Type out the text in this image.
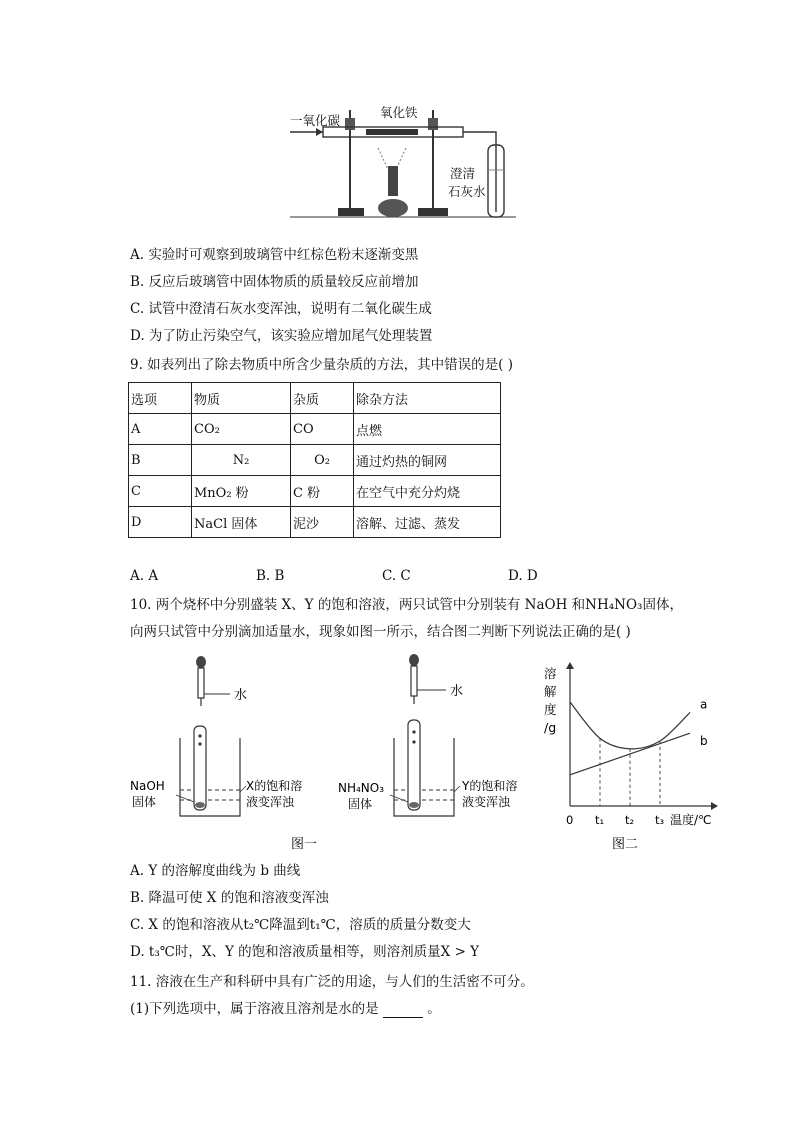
一氧化碳
氧化铁
澄清
石灰水
A. 实验时可观察到玻璃管中红棕色粉末逐渐变黑
B. 反应后玻璃管中固体物质的质量较反应前增加
C. 试管中澄清石灰水变浑浊，说明有二氧化碳生成
D. 为了防止污染空气，该实验应增加尾气处理装置
9. 如表列出了除去物质中所含少量杂质的方法，其中错误的是( )
选项	物质	杂质	除杂方法
A	CO₂	CO	点燃
B	N₂	O₂	通过灼热的铜网
C	MnO₂ 粉	C 粉	在空气中充分灼烧
D	NaCl 固体	泥沙	溶解、过滤、蒸发
A. A	B. B	C. C	D. D
10. 两个烧杯中分别盛装 X、Y 的饱和溶液，两只试管中分别装有 NaOH 和NH₄NO₃固体，
向两只试管中分别滴加适量水，现象如图一所示，结合图二判断下列说法正确的是( )
水
NaOH
固体
X的饱和溶
液变浑浊
水
NH₄NO₃
固体
Y的饱和溶
液变浑浊
图一
t₁ t₂ t₃
a
b
溶
解
度
/g
0	温度/℃
图二
A. Y 的溶解度曲线为 b 曲线
B. 降温可使 X 的饱和溶液变浑浊
C. X 的饱和溶液从t₂℃降温到t₁℃，溶质的质量分数变大
D. t₃℃时，X、Y 的饱和溶液质量相等，则溶剂质量X > Y
11. 溶液在生产和科研中具有广泛的用途，与人们的生活密不可分。
(1)下列选项中，属于溶液且溶剂是水的是	。
